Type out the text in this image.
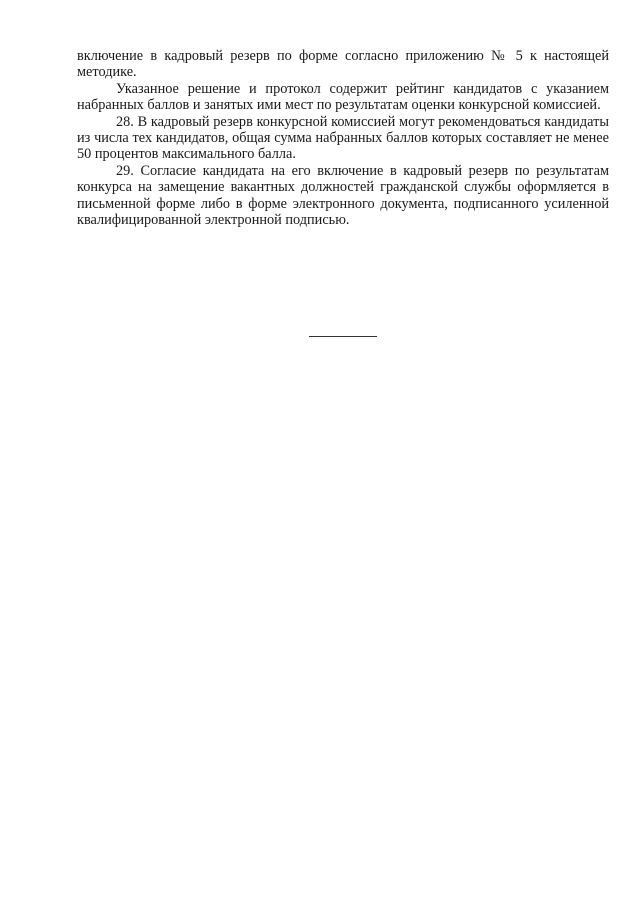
включение в кадровый резерв по форме согласно приложению № 5 к настоящей методике.

Указанное решение и протокол содержит рейтинг кандидатов с указанием набранных баллов и занятых ими мест по результатам оценки конкурсной комиссией.

28. В кадровый резерв конкурсной комиссией могут рекомендоваться кандидаты из числа тех кандидатов, общая сумма набранных баллов которых составляет не менее 50 процентов максимального балла.

29. Согласие кандидата на его включение в кадровый резерв по результатам конкурса на замещение вакантных должностей гражданской службы оформляется в письменной форме либо в форме электронного документа, подписанного усиленной квалифицированной электронной подписью.
